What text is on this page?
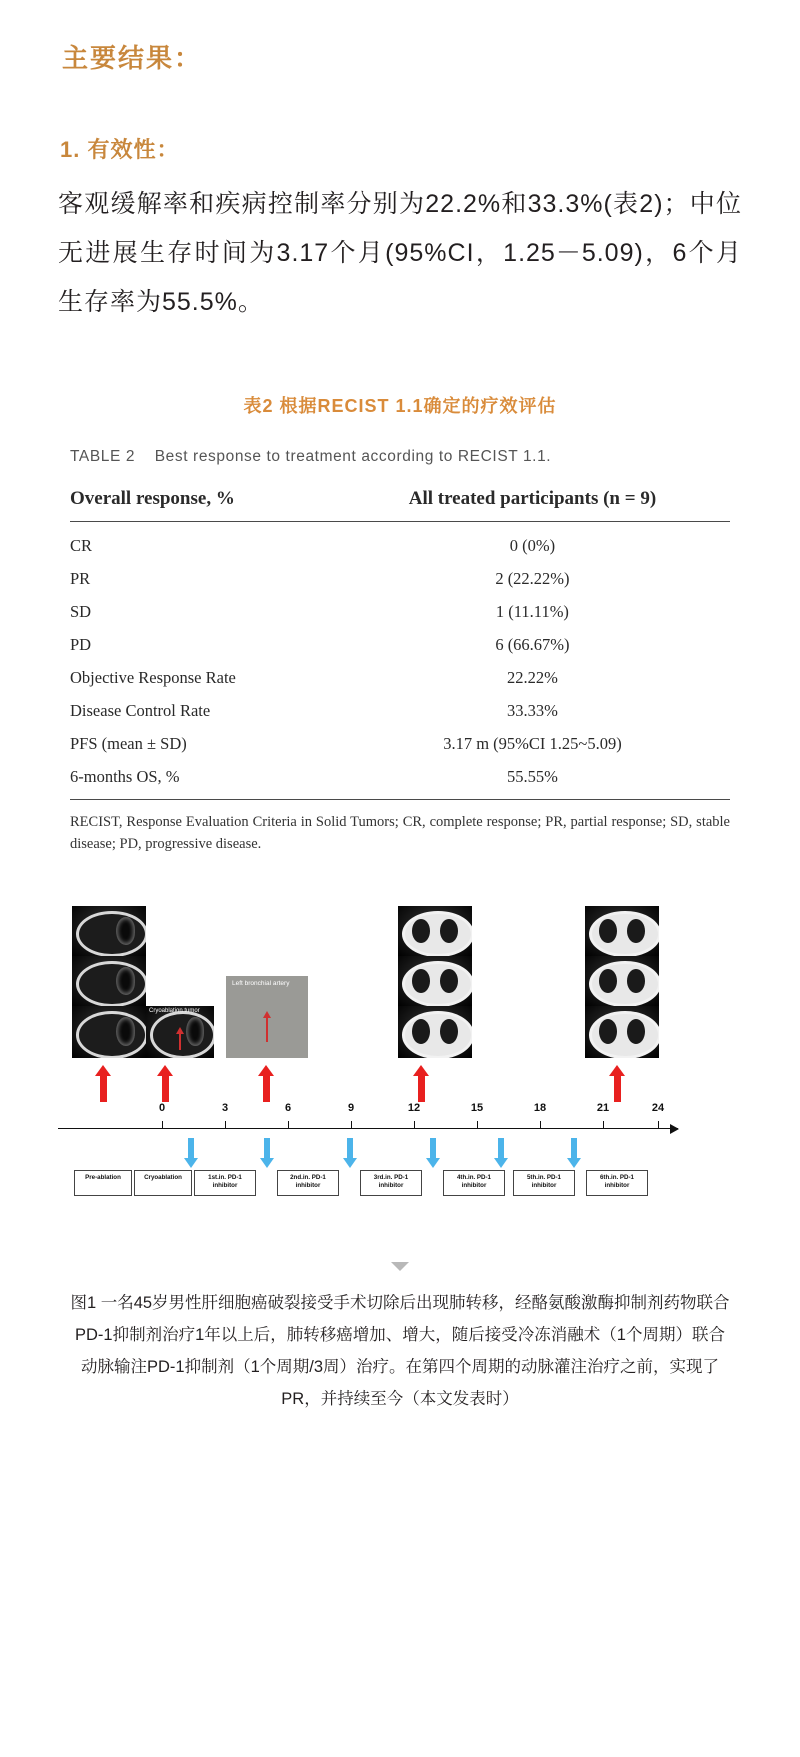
主要结果：
1. 有效性：

客观缓解率和疾病控制率分别为22.2%和33.3%(表2)；中位无进展生存时间为3.17个月(95%CI，1.25－5.09)，6个月生存率为55.5%。

表2 根据RECIST 1.1确定的疗效评估
TABLE 2 Best response to treatment according to RECIST 1.1.
Overall response, %	All treated participants (n = 9)
CR	0 (0%)
PR	2 (22.22%)
SD	1 (11.11%)
PD	6 (66.67%)
Objective Response Rate	22.22%
Disease Control Rate	33.33%
PFS (mean ± SD)	3.17 m (95%CI 1.25~5.09)
6-months OS, %	55.55%
RECIST, Response Evaluation Criteria in Solid Tumors; CR, complete response; PR, partial response; SD, stable disease; PD, progressive disease.
Cryoablation tumor
Left bronchial artery
0	3	6	9	12	15	18	21	24
Pre-ablation	Cryoablation	1st.in. PD-1 inhibitor
2nd.in. PD-1 inhibitor
3rd.in. PD-1 inhibitor
4th.in. PD-1 inhibitor
5th.in. PD-1 inhibitor
6th.in. PD-1 inhibitor
图1 一名45岁男性肝细胞癌破裂接受手术切除后出现肺转移，经酪氨酸激酶抑制剂药物联合PD-1抑制剂治疗1年以上后，肺转移癌增加、增大，随后接受冷冻消融术（1个周期）联合动脉输注PD-1抑制剂（1个周期/3周）治疗。在第四个周期的动脉灌注治疗之前，实现了PR，并持续至今（本文发表时）
